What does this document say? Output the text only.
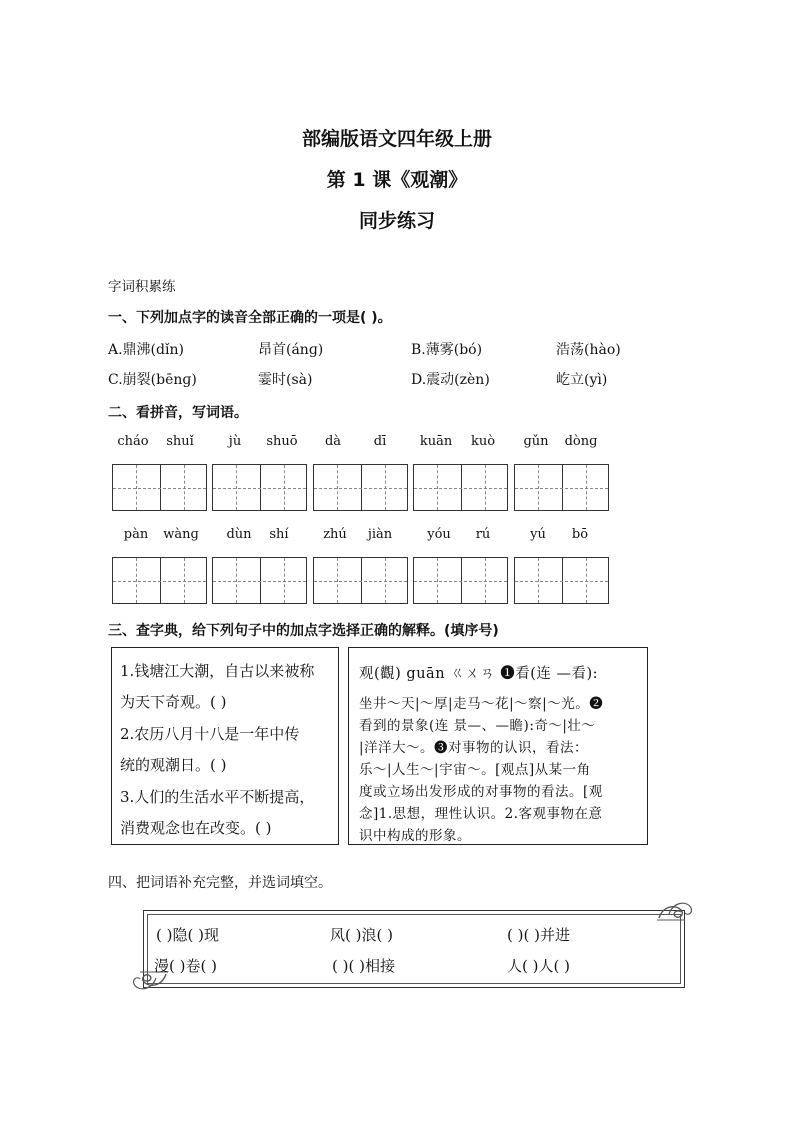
部编版语文四年级上册
第 1 课《观潮》
同步练习
字词积累练
一、下列加点字的读音全部正确的一项是( )。
A.鼎沸(dǐn)	昂首(ánɡ)	B.薄雾(bó)	浩荡(hào)
C.崩裂(bēnɡ)	霎时(sà)	D.震动(zèn)	屹立(yì)
二、看拼音，写词语。
cháo	shuǐ	jù	shuō	dà	dī	kuān	kuò	ɡǔn	dònɡ
pàn	wànɡ	dùn	shí	zhú	jiàn	yóu	rú	yú	bō
三、查字典，给下列句子中的加点字选择正确的解释。(填序号)
1.钱塘江大潮，自古以来被称
为天下奇观。( )
2.农历八月十八是一年中传
统的观潮日。( )
3.人们的生活水平不断提高，
消费观念也在改变。( )
观(觀) guān ㄍㄨㄢ ❶看(连 —看):
坐井～天|～厚|走马～花|～察|～光。❷
看到的景象(连 景—、—瞻):奇～|壮～
|洋洋大～。❸对事物的认识，看法：
乐～|人生～|宇宙～。[观点]从某一角
度或立场出发形成的对事物的看法。[观
念]1.思想，理性认识。2.客观事物在意
识中构成的形象。
四、把词语补充完整，并选词填空。
( )隐( )现	风( )浪( )	( )( )并进
漫( )卷( )	( )( )相接	人( )人( )
